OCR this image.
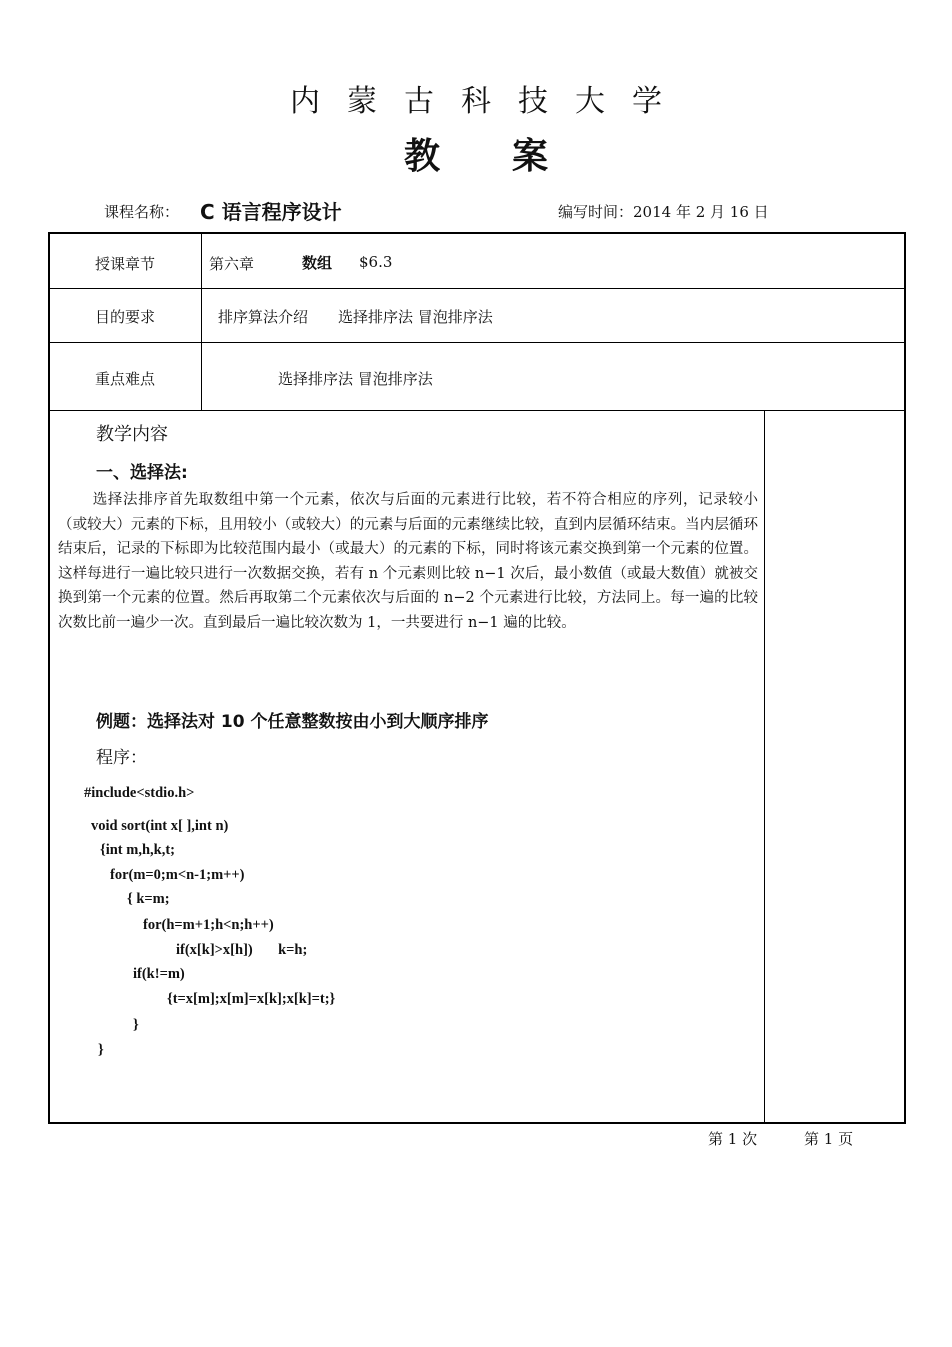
内蒙古科技大学
教案
课程名称： C 语言程序设计	编写时间：2014 年 2 月 16 日
授课章节	第六章	数组 $6.3
目的要求	排序算法介绍　　选择排序法 冒泡排序法
重点难点	选择排序法 冒泡排序法
教学内容
一、选择法:

选择法排序首先取数组中第一个元素，依次与后面的元素进行比较，若不符合相应的序列，记录较小（或较大）元素的下标，且用较小（或较大）的元素与后面的元素继续比较，直到内层循环结束。当内层循环结束后，记录的下标即为比较范围内最小（或最大）的元素的下标，同时将该元素交换到第一个元素的位置。这样每进行一遍比较只进行一次数据交换，若有 n 个元素则比较 n−1 次后，最小数值（或最大数值）就被交换到第一个元素的位置。然后再取第二个元素依次与后面的 n−2 个元素进行比较，方法同上。每一遍的比较次数比前一遍少一次。直到最后一遍比较次数为 1，一共要进行 n−1 遍的比较。

例题：选择法对 10 个任意整数按由小到大顺序排序
程序：
#include<stdio.h>
void sort(int x[ ],int n)
{int m,h,k,t;
for(m=0;m<n-1;m++)
{ k=m;
for(h=m+1;h<n;h++)
if(x[k]>x[h])       k=h;
if(k!=m)
{t=x[m];x[m]=x[k];x[k]=t;}
}
}
第 1 次	第 1 页
